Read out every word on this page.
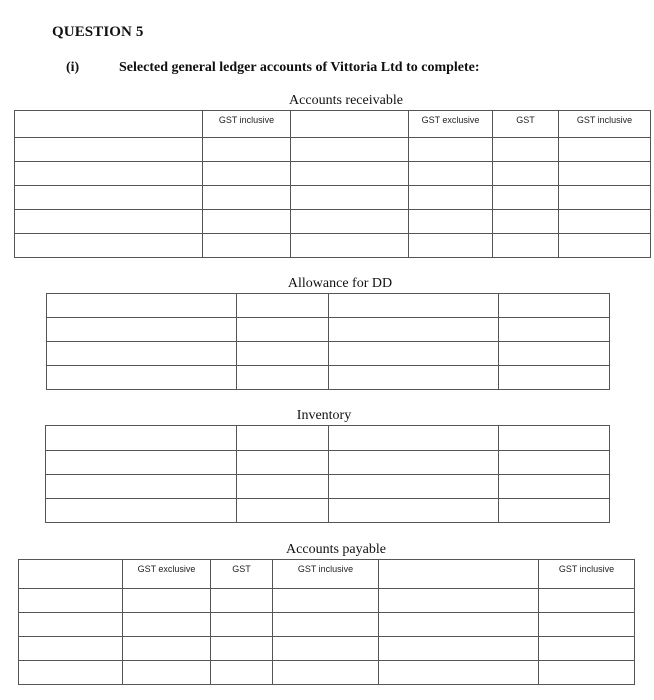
QUESTION 5
(i)	Selected general ledger accounts of Vittoria Ltd to complete:
Accounts receivable

	GST inclusive		GST exclusive	GST	GST inclusive

Allowance for DD

Inventory

Accounts payable

	GST exclusive	GST	GST inclusive		GST inclusive
